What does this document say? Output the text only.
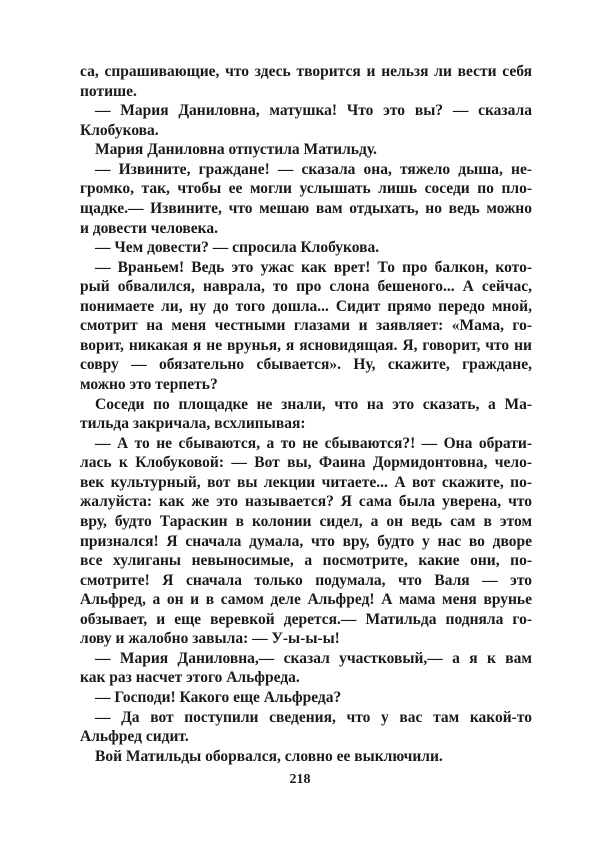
са, спрашивающие, что здесь творится и нельзя ли вести себя
потише.
— Мария Даниловна, матушка! Что это вы? — сказала
Клобукова.
Мария Даниловна отпустила Матильду.
— Извините, граждане! — сказала она, тяжело дыша, не-
громко, так, чтобы ее могли услышать лишь соседи по пло-
щадке.— Извините, что мешаю вам отдыхать, но ведь можно
и довести человека.
— Чем довести? — спросила Клобукова.
— Враньем! Ведь это ужас как врет! То про балкон, кото-
рый обвалился, наврала, то про слона бешеного... А сейчас,
понимаете ли, ну до того дошла... Сидит прямо передо мной,
смотрит на меня честными глазами и заявляет: «Мама, го-
ворит, никакая я не врунья, я ясновидящая. Я, говорит, что ни
совру — обязательно сбывается». Ну, скажите, граждане,
можно это терпеть?
Соседи по площадке не знали, что на это сказать, а Ма-
тильда закричала, всхлипывая:
— А то не сбываются, а то не сбываются?! — Она обрати-
лась к Клобуковой: — Вот вы, Фаина Дормидонтовна, чело-
век культурный, вот вы лекции читаете... А вот скажите, по-
жалуйста: как же это называется? Я сама была уверена, что
вру, будто Тараскин в колонии сидел, а он ведь сам в этом
признался! Я сначала думала, что вру, будто у нас во дворе
все хулиганы невыносимые, а посмотрите, какие они, по-
смотрите! Я сначала только подумала, что Валя — это
Альфред, а он и в самом деле Альфред! А мама меня врунье
обзывает, и еще веревкой дерется.— Матильда подняла го-
лову и жалобно завыла: — У-ы-ы-ы!
— Мария Даниловна,— сказал участковый,— а я к вам
как раз насчет этого Альфреда.
— Господи! Какого еще Альфреда?
— Да вот поступили сведения, что у вас там какой-то
Альфред сидит.
Вой Матильды оборвался, словно ее выключили.
218
